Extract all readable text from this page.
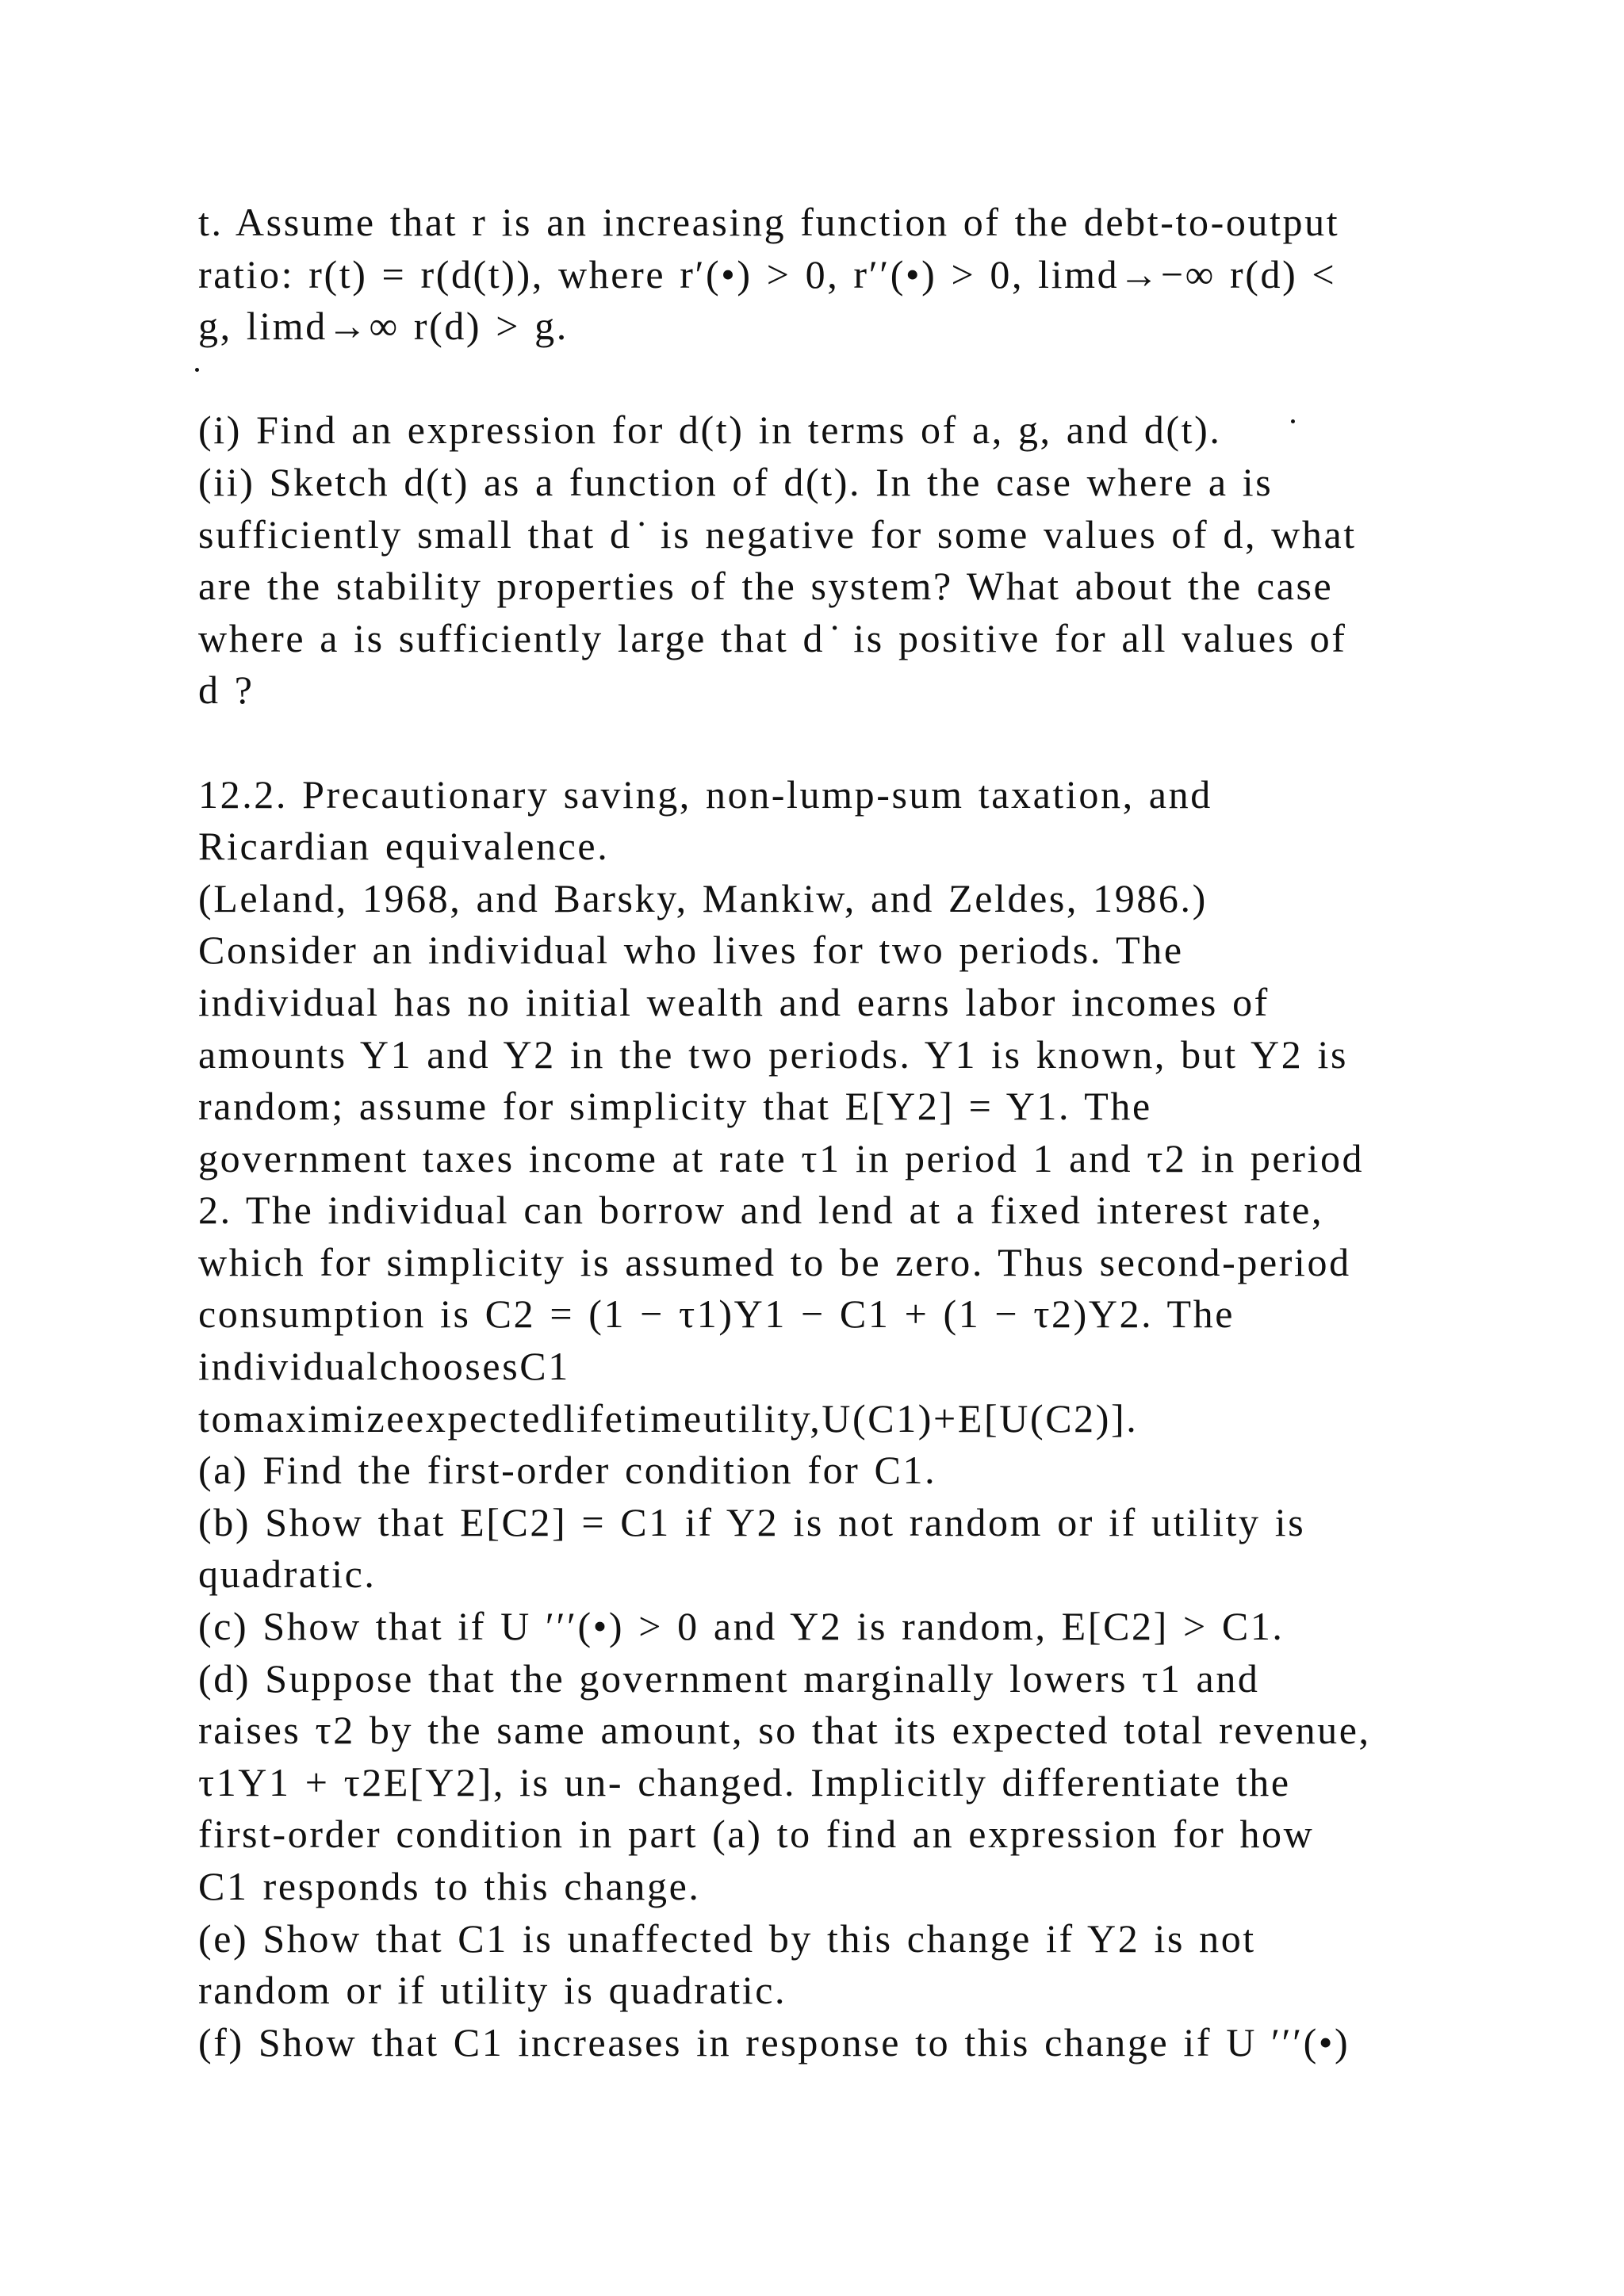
t. Assume that r is an increasing function of the debt-to-output
ratio: r(t) = r(d(t)), where r′(•) > 0, r′′(•) > 0, limd→−∞ r(d) <
g, limd→∞ r(d) > g.
(i) Find an expression for d(t) in terms of a, g, and d(t).
(ii) Sketch d(t) as a function of d(t). In the case where a is
sufficiently small that d ̇ is negative for some values of d, what
are the stability properties of the system? What about the case
where a is sufficiently large that d ̇ is positive for all values of
d ?
12.2. Precautionary saving, non-lump-sum taxation, and
Ricardian equivalence.
(Leland, 1968, and Barsky, Mankiw, and Zeldes, 1986.)
Consider an individual who lives for two periods. The
individual has no initial wealth and earns labor incomes of
amounts Y1 and Y2 in the two periods. Y1 is known, but Y2 is
random; assume for simplicity that E[Y2] = Y1. The
government taxes income at rate τ1 in period 1 and τ2 in period
2. The individual can borrow and lend at a fixed interest rate,
which for simplicity is assumed to be zero. Thus second-period
consumption is C2 = (1 − τ1)Y1 − C1 + (1 − τ2)Y2. The
individualchoosesC1
tomaximizeexpectedlifetimeutility,U(C1)+E[U(C2)].
(a) Find the first-order condition for C1.
(b) Show that E[C2] = C1 if Y2 is not random or if utility is
quadratic.
(c) Show that if U ′′′(•) > 0 and Y2 is random, E[C2] > C1.
(d) Suppose that the government marginally lowers τ1 and
raises τ2 by the same amount, so that its expected total revenue,
τ1Y1 + τ2E[Y2], is un- changed. Implicitly differentiate the
first-order condition in part (a) to find an expression for how
C1 responds to this change.
(e) Show that C1 is unaffected by this change if Y2 is not
random or if utility is quadratic.
(f) Show that C1 increases in response to this change if U ′′′(•)
